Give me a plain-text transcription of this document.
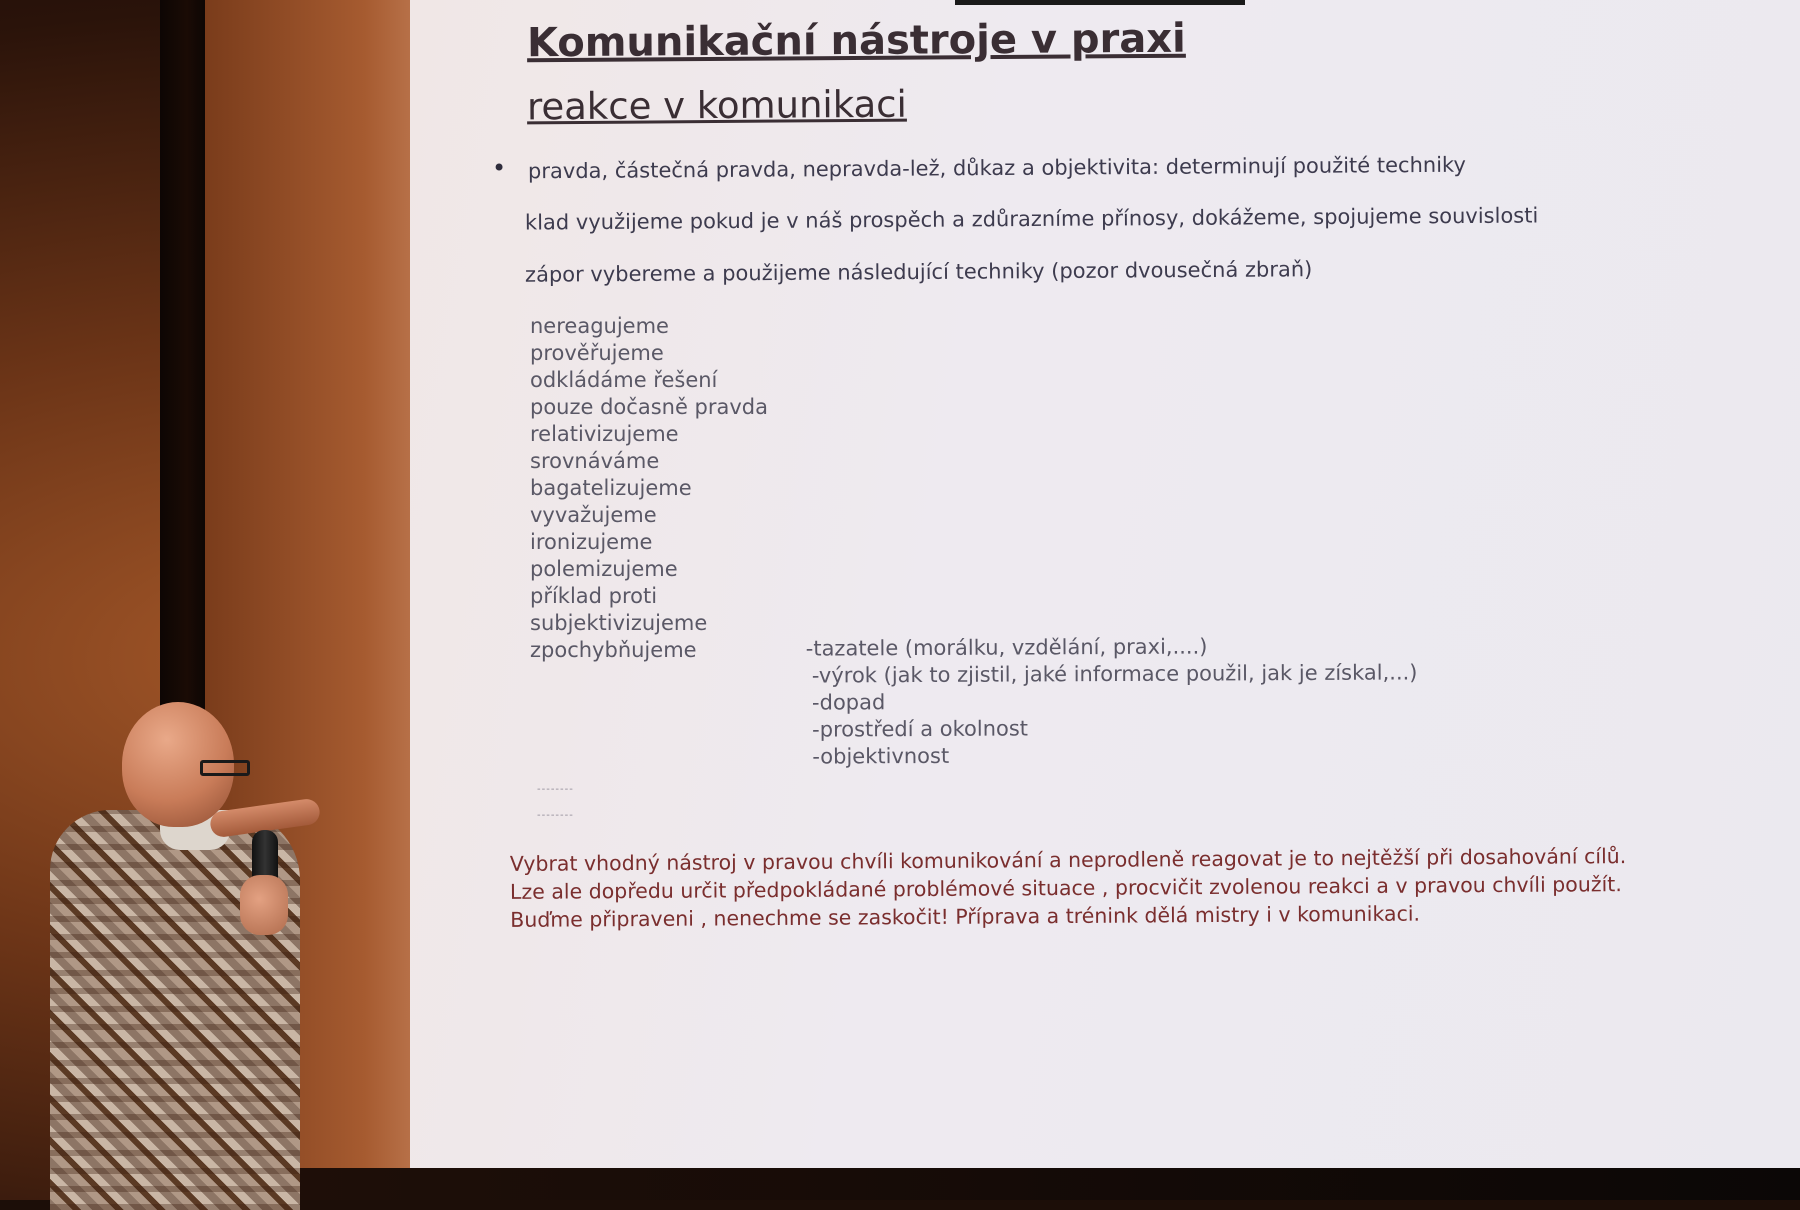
Komunikační nástroje v praxi
reakce v komunikaci
• pravda, částečná pravda, nepravda-lež, důkaz a objektivita: determinují použité techniky
klad využijeme pokud je v náš prospěch a zdůrazníme přínosy, dokážeme, spojujeme souvislosti
zápor vybereme a použijeme následující techniky (pozor dvousečná zbraň)
nereagujeme
prověřujeme
odkládáme řešení
pouze dočasně pravda
relativizujeme
srovnáváme
bagatelizujeme
vyvažujeme
ironizujeme
polemizujeme
příklad proti
subjektivizujeme
zpochybňujeme	-tazatele (morálku, vzdělání, praxi,....)
-výrok (jak to zjistil, jaké informace použil, jak je získal,...)
-dopad
-prostředí a okolnost
-objektivnost
--------
--------
Vybrat vhodný nástroj v pravou chvíli komunikování a neprodleně reagovat je to nejtěžší při dosahování cílů.
Lze ale dopředu určit předpokládané problémové situace , procvičit zvolenou reakci a v pravou chvíli použít.
Buďme připraveni , nenechme se zaskočit! Příprava a trénink dělá mistry i v komunikaci.
